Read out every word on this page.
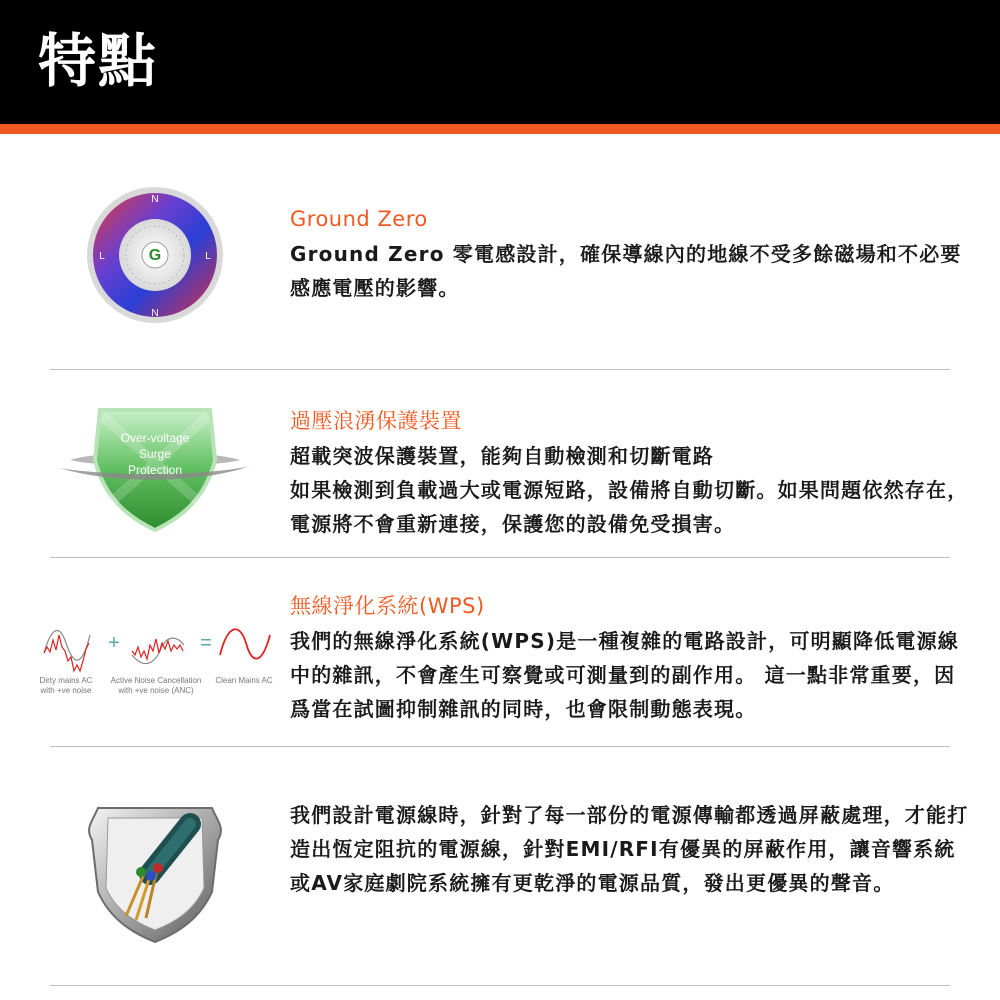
特點
G
N
N
L	L
Ground Zero

Ground Zero 零電感設計，確保導線內的地線不受多餘磁場和不必要感應電壓的影響。

Over-voltage
Surge
Protection
過壓浪湧保護裝置

超載突波保護裝置，能夠自動檢測和切斷電路
如果檢測到負載過大或電源短路，設備將自動切斷。如果問題依然存在，電源將不會重新連接，保護您的設備免受損害。

+	=
Dirty mains AC
with +ve noise
Active Noise Cancellation
with +ve noise (ANC)
Clean Mains AC
無線淨化系統(WPS)

我們的無線淨化系統(WPS)是一種複雜的電路設計，可明顯降低電源線中的雜訊，不會產生可察覺或可測量到的副作用。 這一點非常重要，因爲當在試圖抑制雜訊的同時，也會限制動態表現。

我們設計電源線時，針對了每一部份的電源傳輸都透過屏蔽處理，才能打造出恆定阻抗的電源線，針對EMI/RFI有優異的屏蔽作用，讓音響系統或AV家庭劇院系統擁有更乾淨的電源品質，發出更優異的聲音。
